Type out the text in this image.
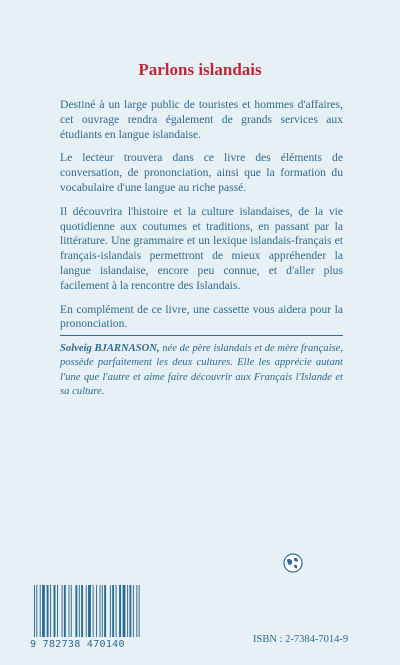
Parlons islandais

Destiné à un large public de touristes et hommes d'affaires, cet ouvrage rendra également de grands services aux étudiants en langue islandaise.

Le lecteur trouvera dans ce livre des éléments de conversation, de prononciation, ainsi que la formation du vocabulaire d'une langue au riche passé.

Il découvrira l'histoire et la culture islandaises, de la vie quotidienne aux coutumes et traditions, en passant par la littérature. Une grammaire et un lexique islandais-français et français-islandais permettront de mieux appréhender la langue islandaise, encore peu connue, et d'aller plus facilement à la rencontre des Islandais.

En complément de ce livre, une cassette vous aidera pour la prononciation.

Solveig BJARNASON, née de père islandais et de mère française, possède parfaitement les deux cultures. Elle les apprécie autant l'une que l'autre et aime faire découvrir aux Français l'Islande et sa culture.
9 782738 470140	ISBN : 2-7384-7014-9
